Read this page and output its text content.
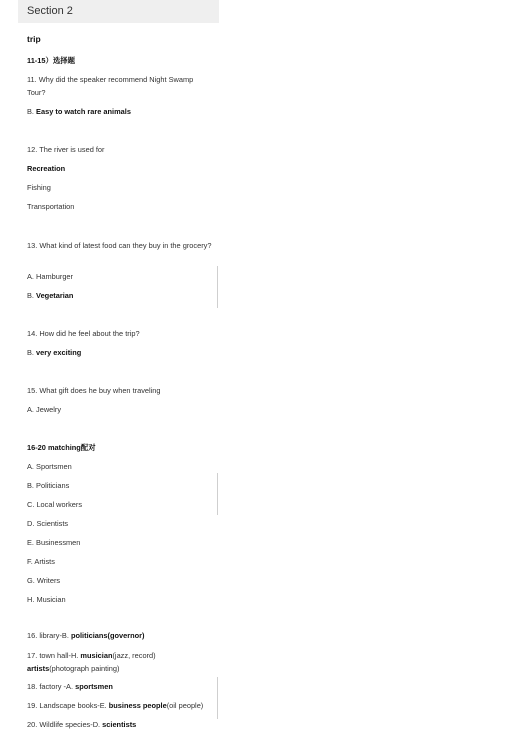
Section 2
trip
11-15）选择题
11. Why did the speaker recommend Night Swamp Tour?
B. Easy to watch rare animals
12. The river is used for
Recreation
Fishing
Transportation
13. What kind of latest food can they buy in the grocery?
A. Hamburger
B. Vegetarian
14. How did he feel about the trip?
B. very exciting
15. What gift does he buy when traveling
A. Jewelry
16-20 matching配对
A. Sportsmen
B. Politicians
C. Local workers
D. Scientists
E. Businessmen
F. Artists
G. Writers
H. Musician
16. library-B. politicians(governor)
17. town hall-H. musician(jazz, record) artists(photograph painting)
18. factory -A. sportsmen
19. Landscape books-E. business people(oil people)
20. Wildlife species-D. scientists
